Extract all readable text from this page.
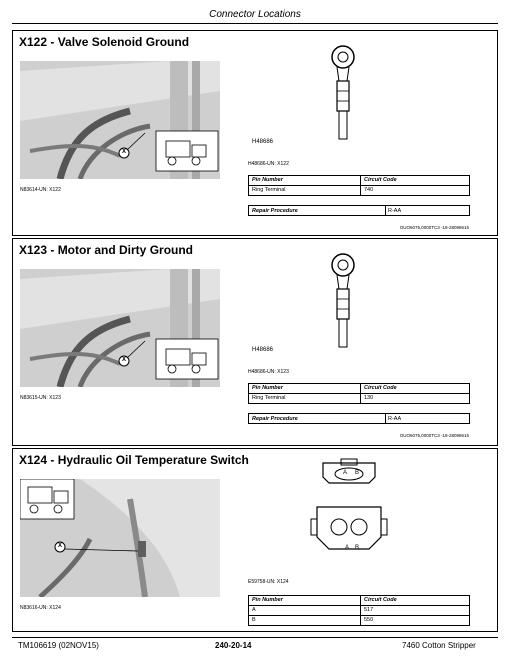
Connector Locations
X122 - Valve Solenoid Ground
X
N83614-UN: X122
H48686
H48686-UN: X122
Pin Number	Circuit Code
Ring Terminal	740
Repair Procedure	R-AA
OUO6075,0000TC3 -19-28098615
X123 - Motor and Dirty Ground
X
N83615-UN: X123
H48686
H48686-UN: X123
Pin Number	Circuit Code
Ring Terminal	130
Repair Procedure	R-AA
OUO6075,0000TC3 -19-28098615
X124 - Hydraulic Oil Temperature Switch
X
N83616-UN: X124
A B
A B
E59758-UN: X124
Pin Number	Circuit Code
A	517
B	550
TM106619 (02NOV15)	240-20-14	7460 Cotton Stripper
